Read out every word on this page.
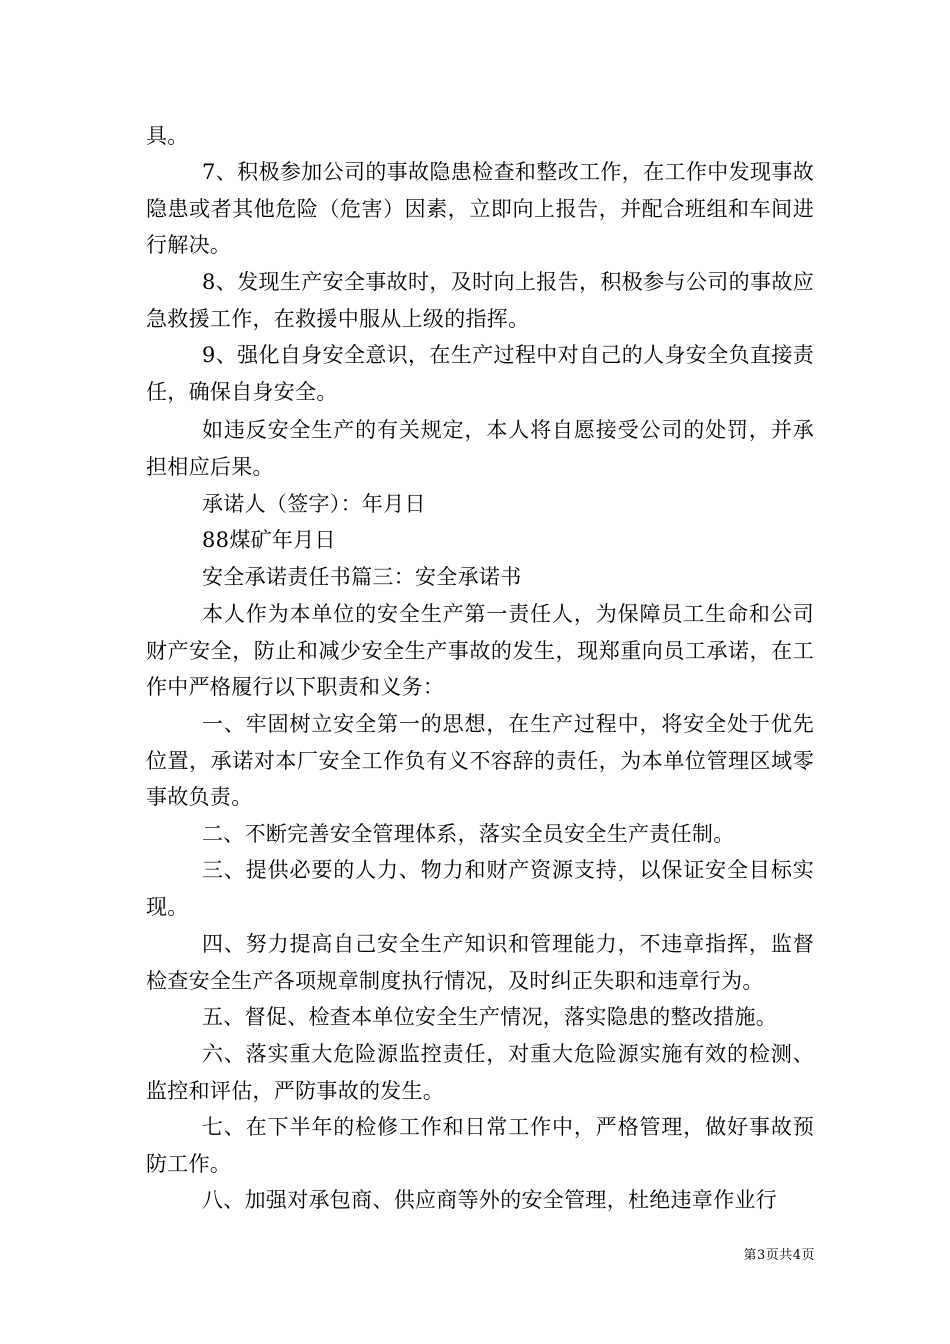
具。

7、积极参加公司的事故隐患检查和整改工作，在工作中发现事故隐患或者其他危险（危害）因素，立即向上报告，并配合班组和车间进行解决。

8、发现生产安全事故时，及时向上报告，积极参与公司的事故应急救援工作，在救援中服从上级的指挥。

9、强化自身安全意识，在生产过程中对自己的人身安全负直接责任，确保自身安全。

如违反安全生产的有关规定，本人将自愿接受公司的处罚，并承担相应后果。

承诺人（签字）：年月日

88煤矿年月日

安全承诺责任书篇三：安全承诺书

本人作为本单位的安全生产第一责任人，为保障员工生命和公司财产安全，防止和减少安全生产事故的发生，现郑重向员工承诺，在工作中严格履行以下职责和义务：

一、牢固树立安全第一的思想，在生产过程中，将安全处于优先位置，承诺对本厂安全工作负有义不容辞的责任，为本单位管理区域零事故负责。

二、不断完善安全管理体系，落实全员安全生产责任制。

三、提供必要的人力、物力和财产资源支持，以保证安全目标实现。

四、努力提高自己安全生产知识和管理能力，不违章指挥，监督检查安全生产各项规章制度执行情况，及时纠正失职和违章行为。

五、督促、检查本单位安全生产情况，落实隐患的整改措施。

六、落实重大危险源监控责任，对重大危险源实施有效的检测、监控和评估，严防事故的发生。

七、在下半年的检修工作和日常工作中，严格管理，做好事故预防工作。

八、加强对承包商、供应商等外的安全管理，杜绝违章作业行

第3页共4页
